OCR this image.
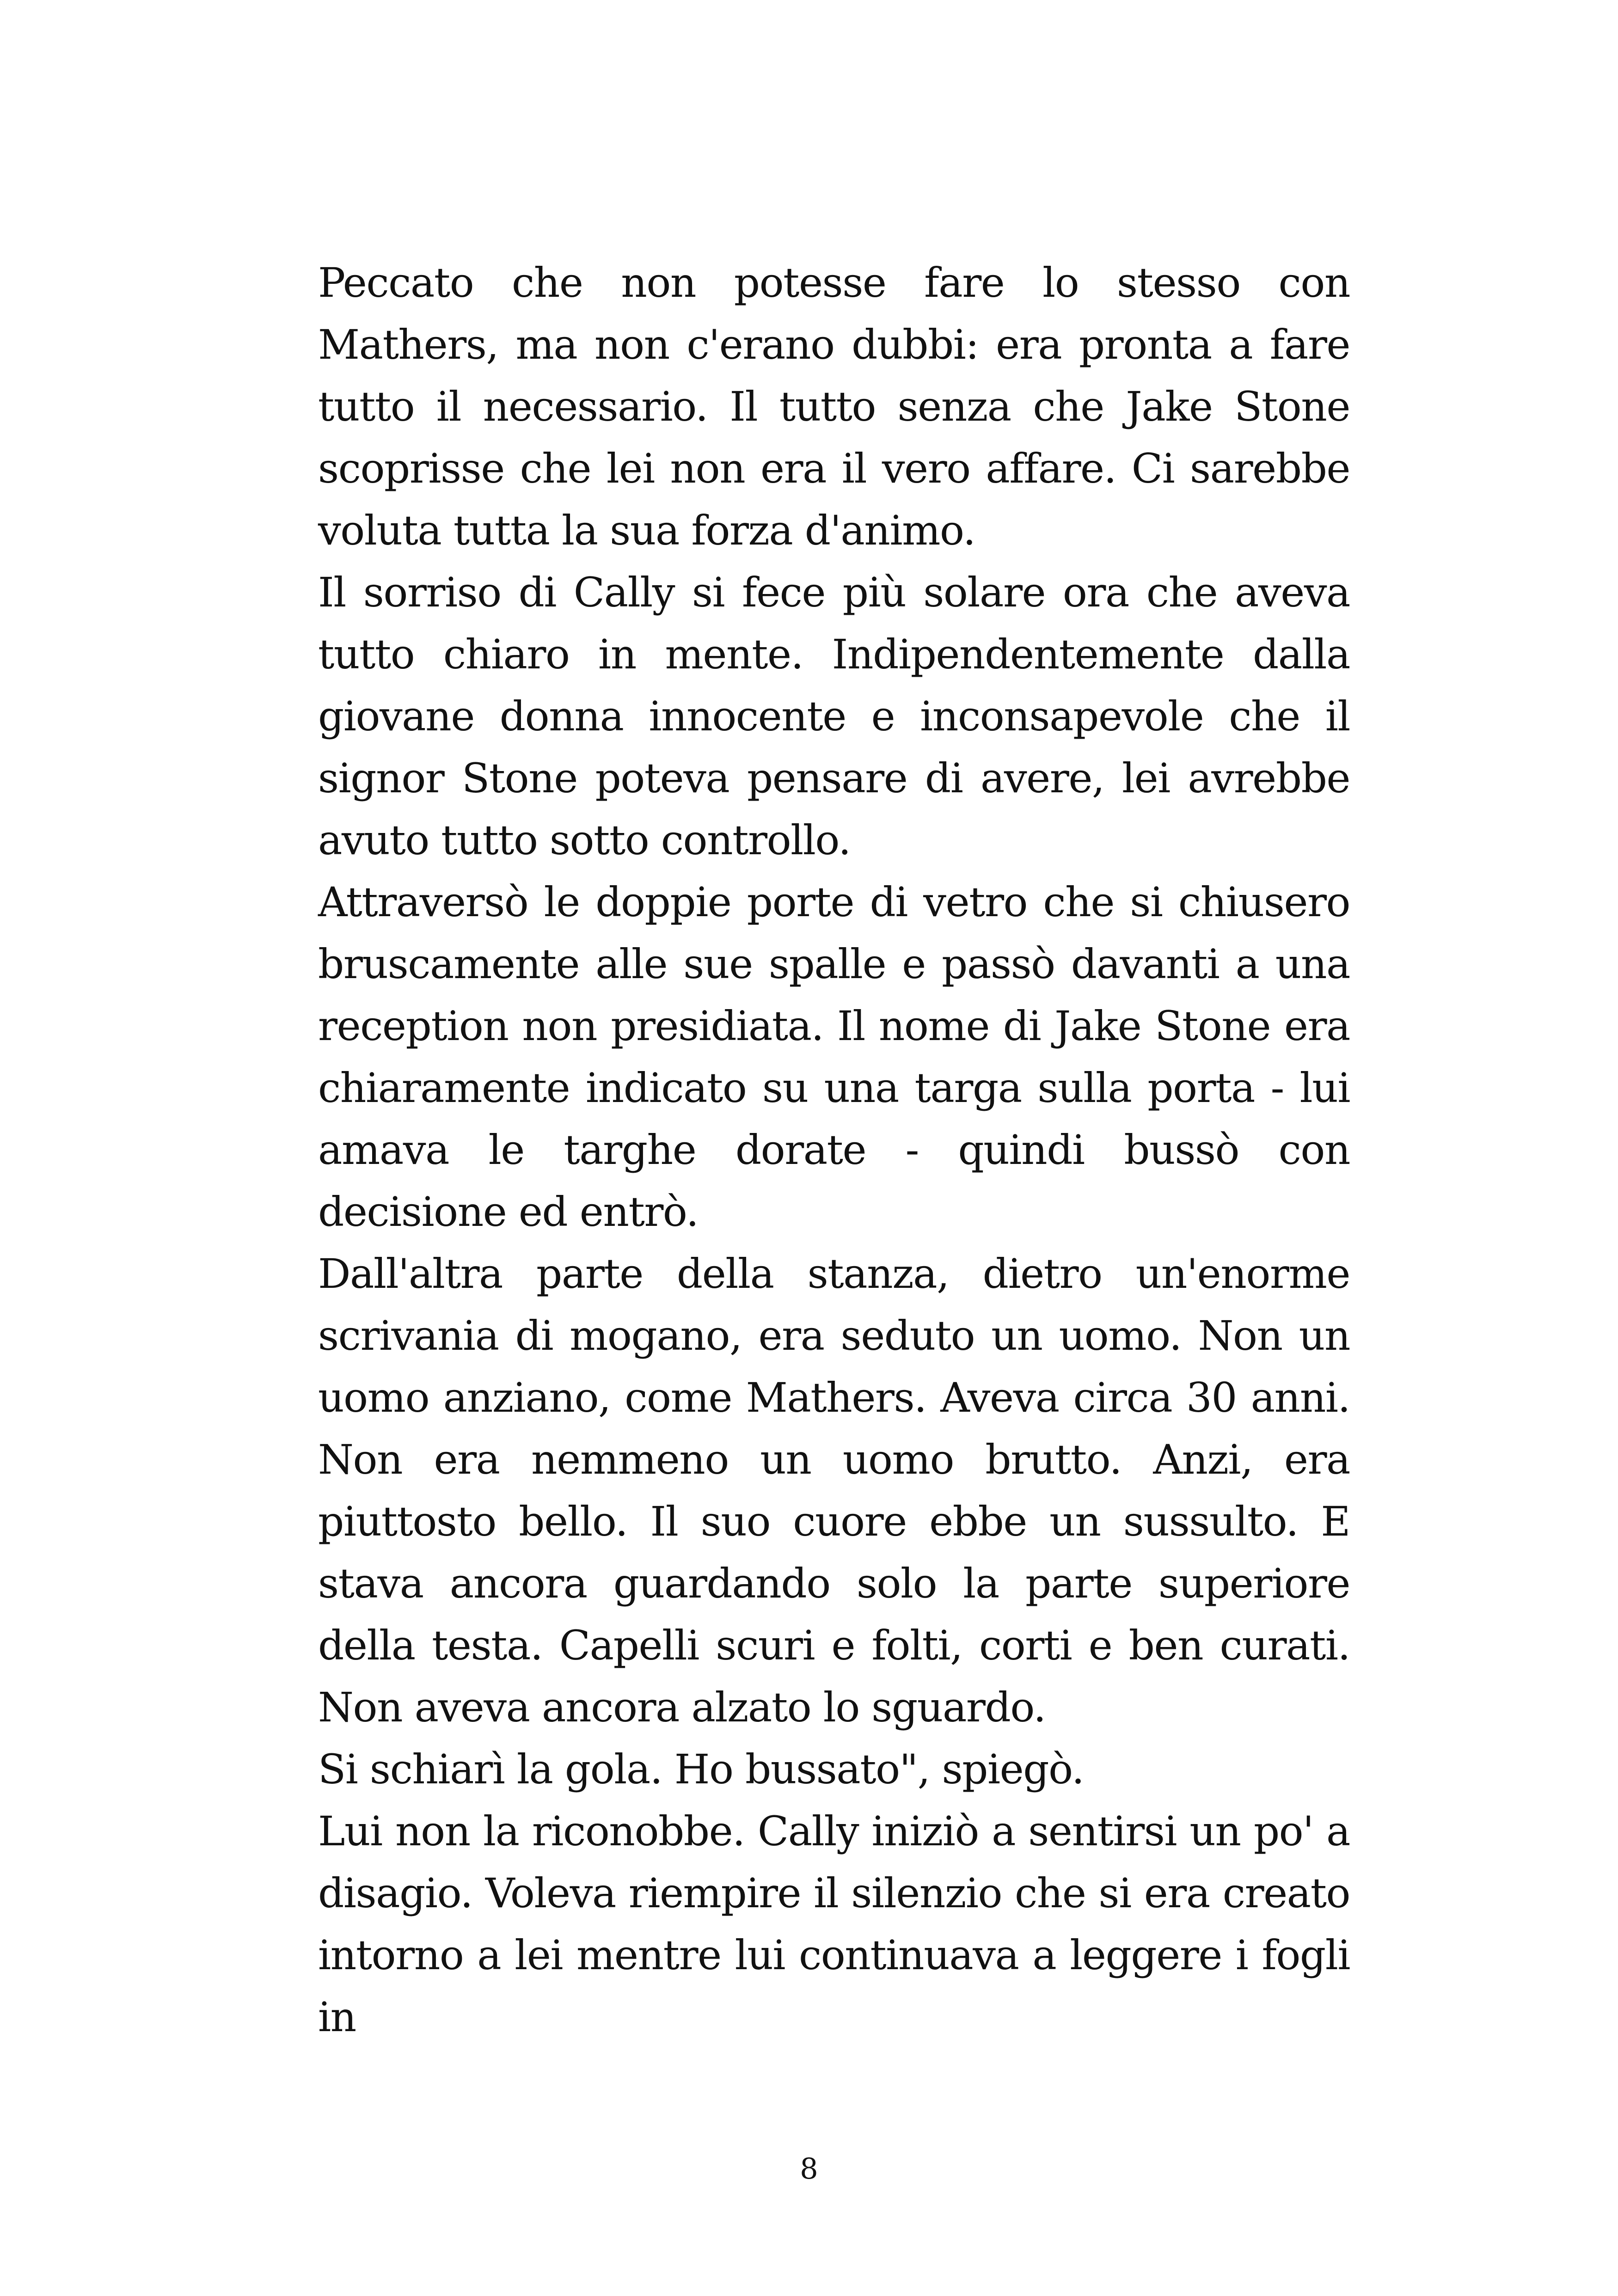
Peccato che non potesse fare lo stesso con Mathers, ma non c'erano dubbi: era pronta a fare tutto il necessario. Il tutto senza che Jake Stone scoprisse che lei non era il vero affare. Ci sarebbe voluta tutta la sua forza d'animo.

Il sorriso di Cally si fece più solare ora che aveva tutto chiaro in mente. Indipendentemente dalla giovane donna innocente e inconsapevole che il signor Stone poteva pensare di avere, lei avrebbe avuto tutto sotto controllo.

Attraversò le doppie porte di vetro che si chiusero bruscamente alle sue spalle e passò davanti a una reception non presidiata. Il nome di Jake Stone era chiaramente indicato su una targa sulla porta - lui amava le targhe dorate - quindi bussò con decisione ed entrò.

Dall'altra parte della stanza, dietro un'enorme scrivania di mogano, era seduto un uomo. Non un uomo anziano, come Mathers. Aveva circa 30 anni. Non era nemmeno un uomo brutto. Anzi, era piuttosto bello. Il suo cuore ebbe un sussulto. E stava ancora guardando solo la parte superiore della testa. Capelli scuri e folti, corti e ben curati. Non aveva ancora alzato lo sguardo.

Si schiarì la gola. Ho bussato", spiegò.

Lui non la riconobbe. Cally iniziò a sentirsi un po' a disagio. Voleva riempire il silenzio che si era creato intorno a lei mentre lui continuava a leggere i fogli in

8
